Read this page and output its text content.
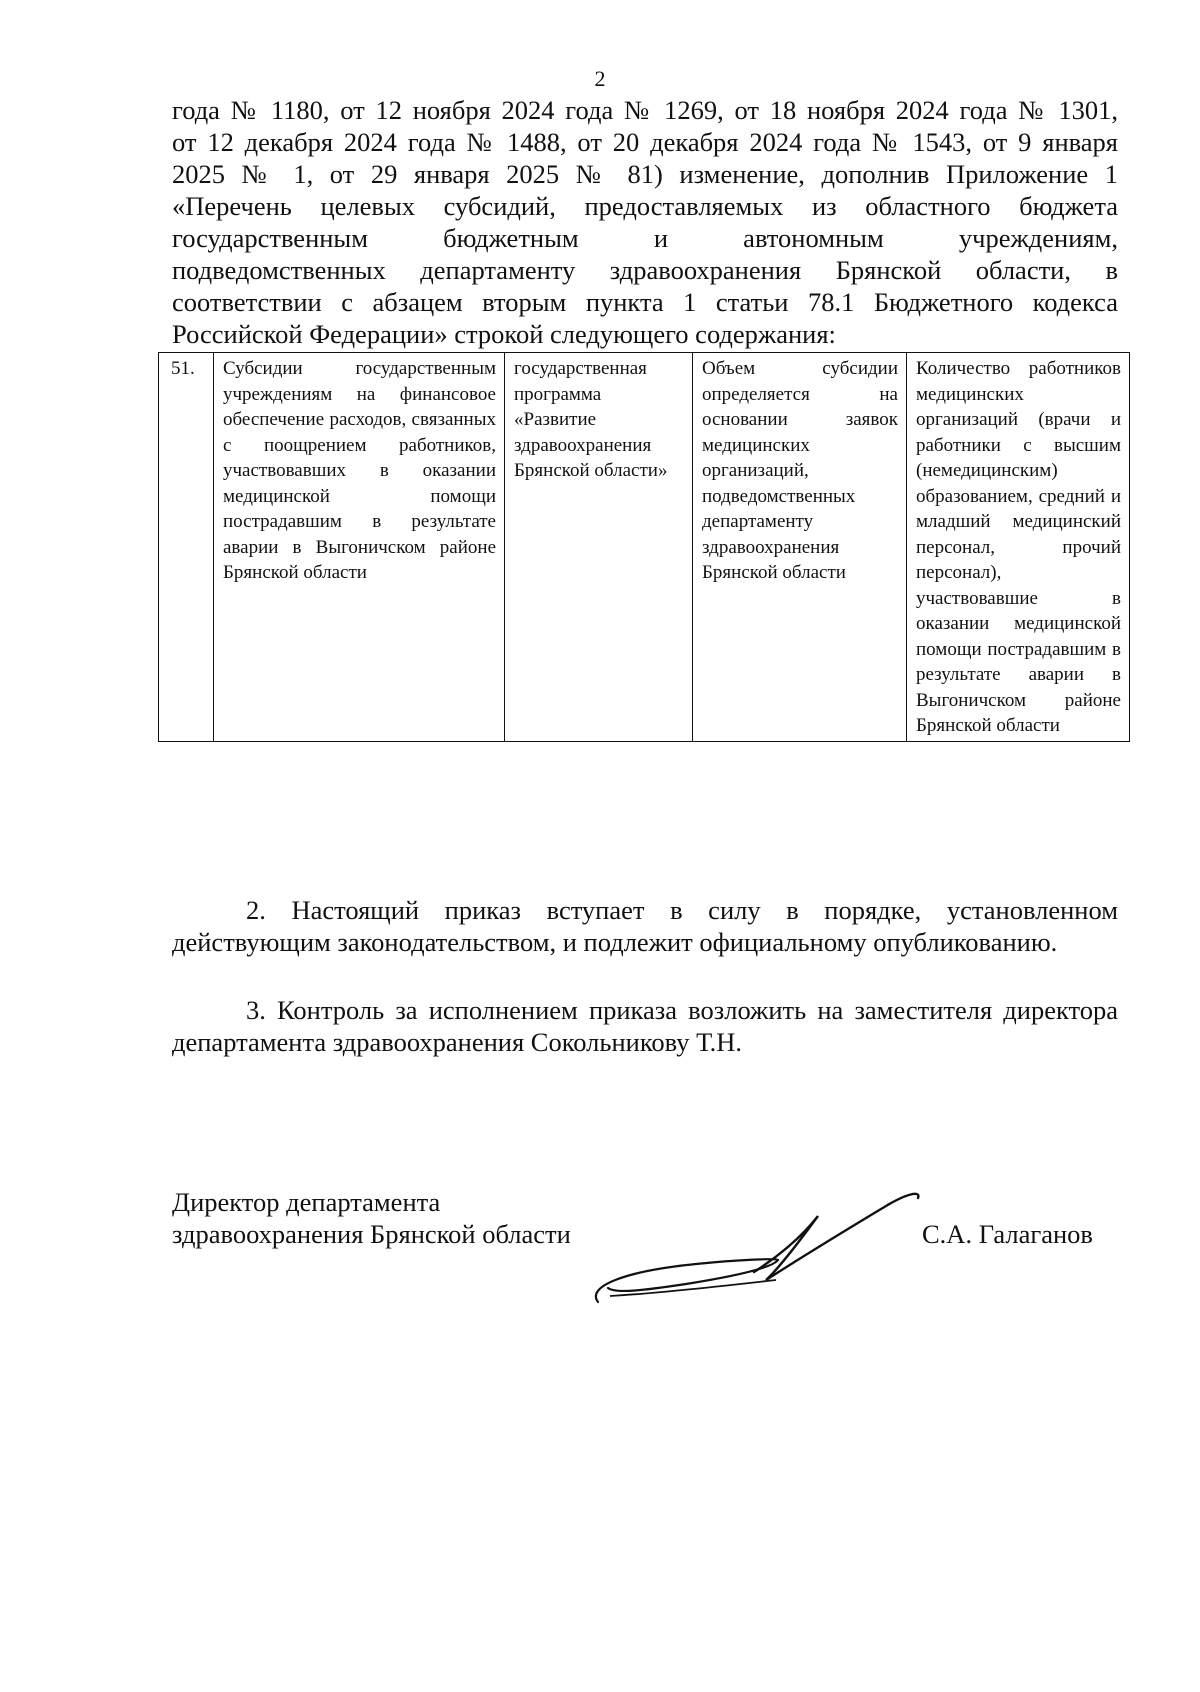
2

года № 1180, от 12 ноября 2024 года № 1269, от 18 ноября 2024 года № 1301,

от 12 декабря 2024 года № 1488, от 20 декабря 2024 года № 1543, от 9 января

2025 № 1, от 29 января 2025 № 81) изменение, дополнив Приложение 1

«Перечень целевых субсидий, предоставляемых из областного бюджета

государственным бюджетным и автономным учреждениям,

подведомственных департаменту здравоохранения Брянской области, в

соответствии с абзацем вторым пункта 1 статьи 78.1 Бюджетного кодекса

Российской Федерации» строкой следующего содержания:

51.	Субсидии государственным учреждениям на финансовое обеспечение расходов, связанных с поощрением работников, участвовавших в оказании медицинской помощи пострадавшим в результате аварии в Выгоничском районе Брянской области	государственная программа «Развитие здравоохранения Брянской области»	Объем субсидии определяется на основании заявок медицинских организаций, подведомственных департаменту здравоохранения Брянской области	Количество работников медицинских организаций (врачи и работники с высшим (немедицинским) образованием, средний и младший медицинский персонал, прочий персонал), участвовавшие в оказании медицинской помощи пострадавшим в результате аварии в Выгоничском районе Брянской области

2. Настоящий приказ вступает в силу в порядке, установленном действующим законодательством, и подлежит официальному опубликованию.

3. Контроль за исполнением приказа возложить на заместителя директора департамента здравоохранения Сокольникову Т.Н.

Директор департамента
здравоохранения Брянской области	С.А. Галаганов
